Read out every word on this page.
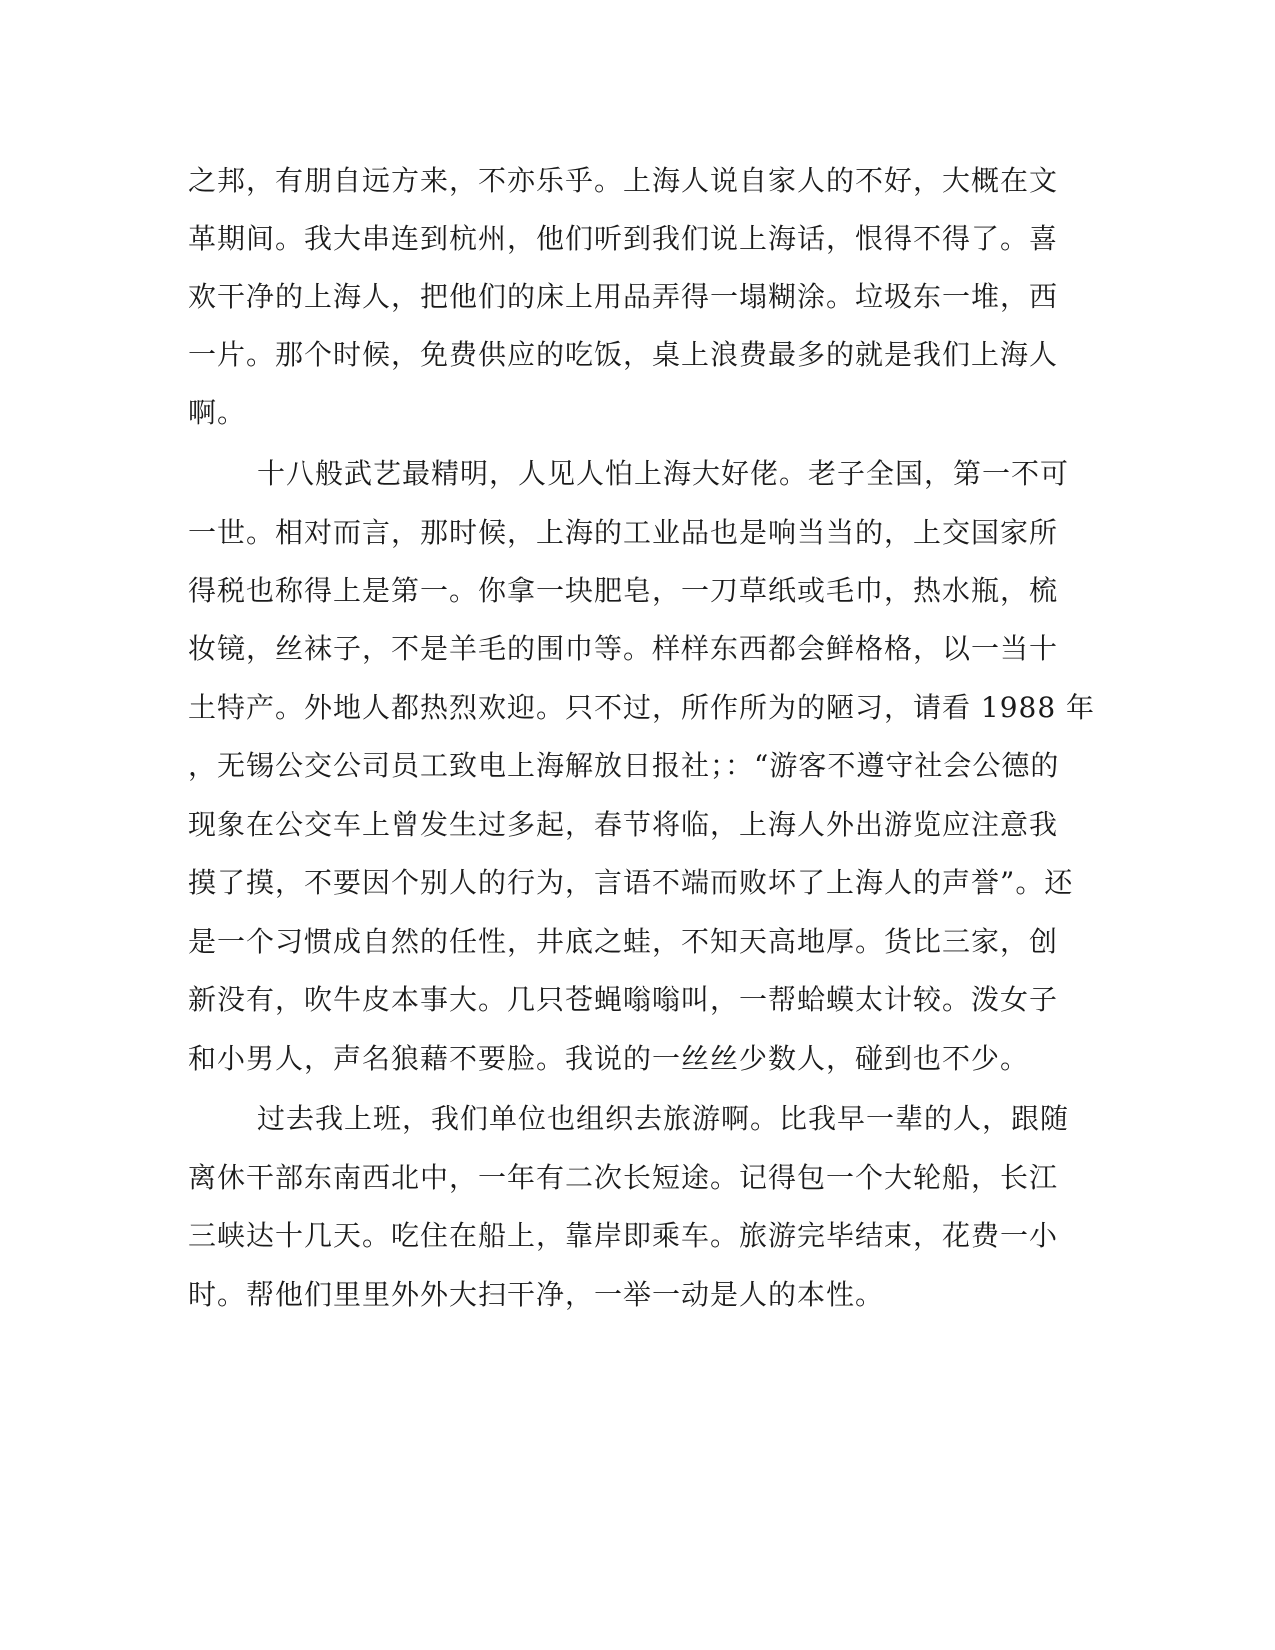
之邦，有朋自远方来，不亦乐乎。上海人说自家人的不好，大概在文
革期间。我大串连到杭州，他们听到我们说上海话，恨得不得了。喜
欢干净的上海人，把他们的床上用品弄得一塌糊涂。垃圾东一堆，西
一片。那个时候，免费供应的吃饭，桌上浪费最多的就是我们上海人
啊。
十八般武艺最精明，人见人怕上海大好佬。老子全国，第一不可
一世。相对而言，那时候，上海的工业品也是响当当的，上交国家所
得税也称得上是第一。你拿一块肥皂，一刀草纸或毛巾，热水瓶，梳
妆镜，丝袜子，不是羊毛的围巾等。样样东西都会鲜格格，以一当十
土特产。外地人都热烈欢迎。只不过，所作所为的陋习，请看 1988 年
，无锡公交公司员工致电上海解放日报社；：“游客不遵守社会公德的
现象在公交车上曾发生过多起，春节将临，上海人外出游览应注意我
摸了摸，不要因个别人的行为，言语不端而败坏了上海人的声誉”。还
是一个习惯成自然的任性，井底之蛙，不知天高地厚。货比三家，创
新没有，吹牛皮本事大。几只苍蝇嗡嗡叫，一帮蛤蟆太计较。泼女子
和小男人，声名狼藉不要脸。我说的一丝丝少数人，碰到也不少。
过去我上班，我们单位也组织去旅游啊。比我早一辈的人，跟随
离休干部东南西北中，一年有二次长短途。记得包一个大轮船，长江
三峡达十几天。吃住在船上，靠岸即乘车。旅游完毕结束，花费一小
时。帮他们里里外外大扫干净，一举一动是人的本性。
